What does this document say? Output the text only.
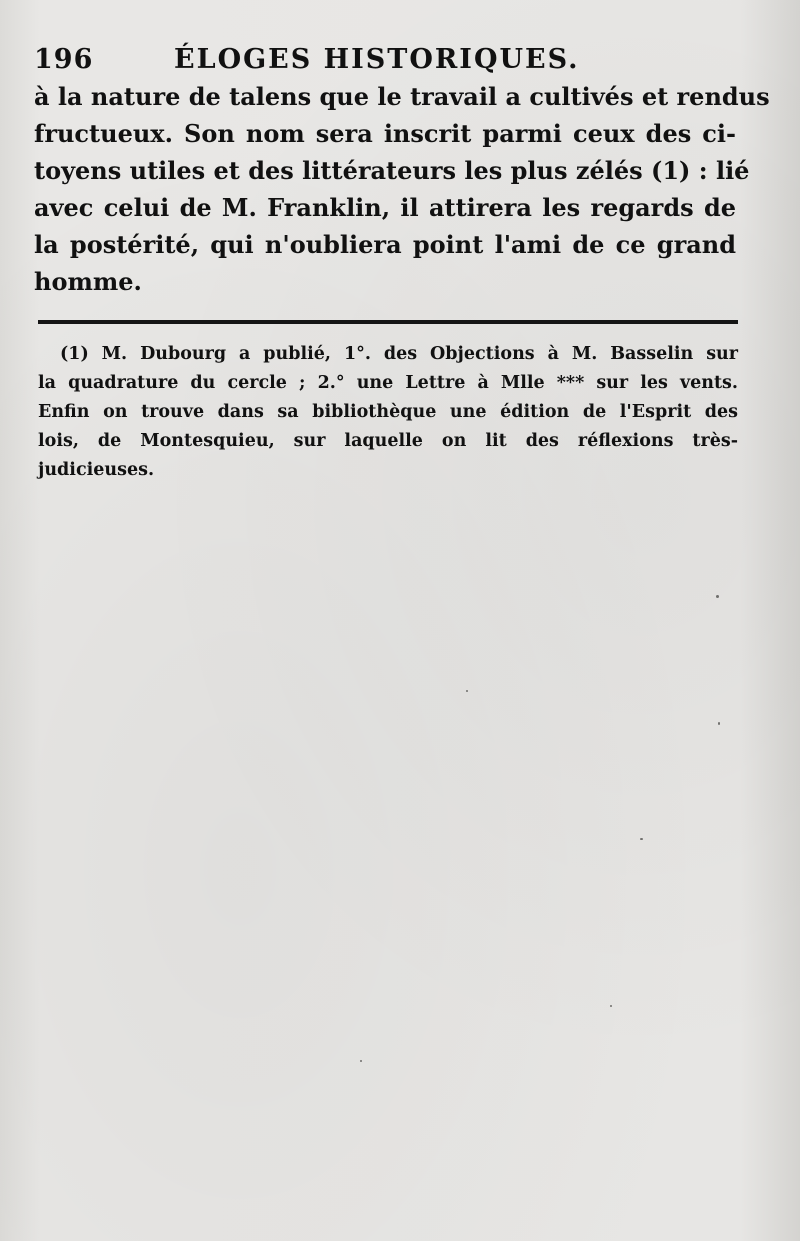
196	ÉLOGES HISTORIQUES.
à la nature de talens que le travail a cultivés et rendus
fructueux. Son nom sera inscrit parmi ceux des ci-
toyens utiles et des littérateurs les plus zélés (1) : lié
avec celui de M. Franklin, il attirera les regards de
la postérité, qui n'oubliera point l'ami de ce grand
homme.
(1) M. Dubourg a publié, 1°. des Objections à M. Basselin sur
la quadrature du cercle ; 2.° une Lettre à Mlle *** sur les vents.
Enfin on trouve dans sa bibliothèque une édition de l'Esprit des
lois, de Montesquieu, sur laquelle on lit des réflexions très-
judicieuses.
